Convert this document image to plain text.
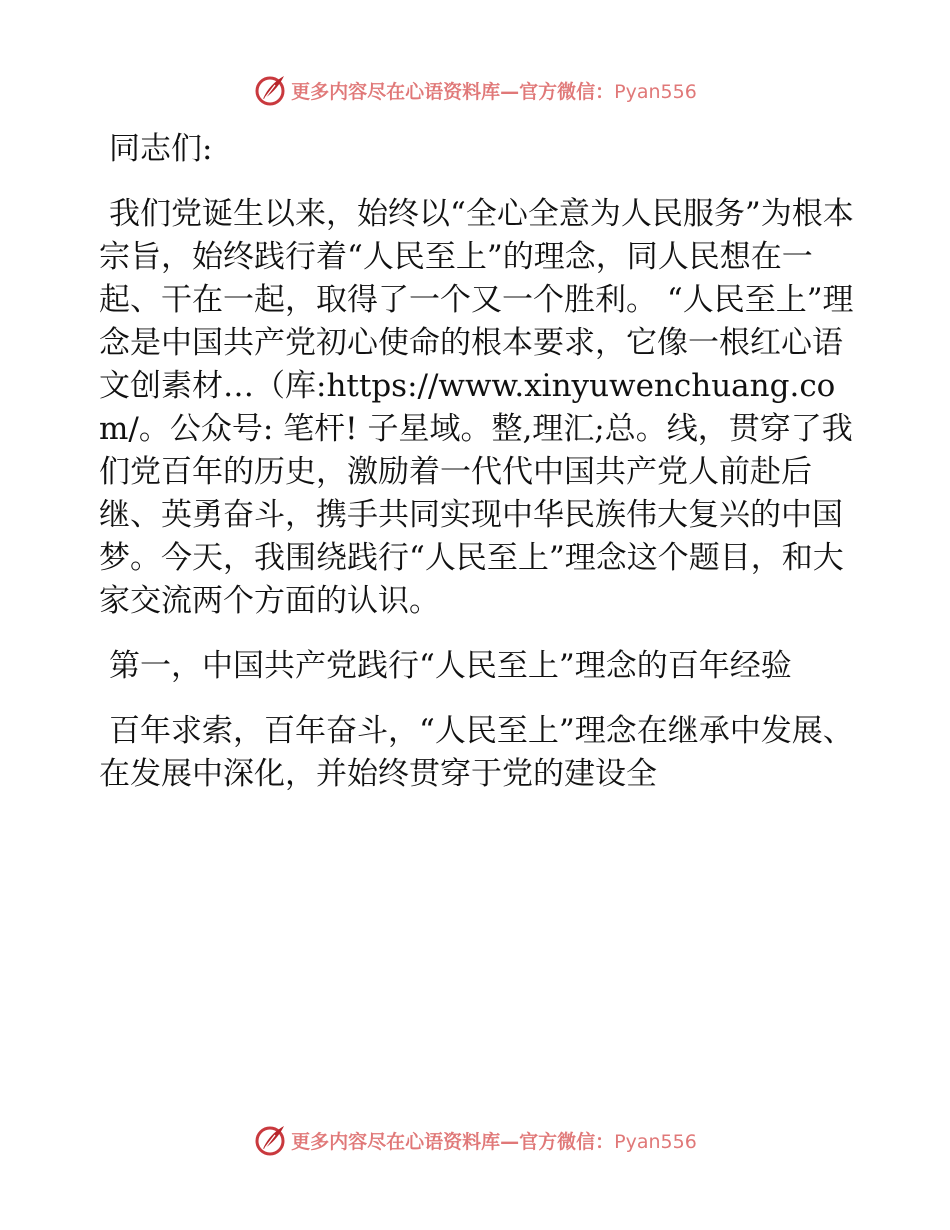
更多内容尽在心语资料库—官方微信：Pyan556

同志们:

我们党诞生以来，始终以“全心全意为人民服务”为根本宗旨，始终践行着“人民至上”的理念，同人民想在一起、干在一起，取得了一个又一个胜利。 “人民至上”理念是中国共产党初心使命的根本要求，它像一根红心语文创素材…（库:https://www.xinyuwenchuang.com/。公众号: 笔杆! 子星域。整,理汇;总。线，贯穿了我们党百年的历史，激励着一代代中国共产党人前赴后继、英勇奋斗，携手共同实现中华民族伟大复兴的中国梦。今天，我围绕践行“人民至上”理念这个题目，和大家交流两个方面的认识。

第一，中国共产党践行“人民至上”理念的百年经验

百年求索，百年奋斗，“人民至上”理念在继承中发展、在发展中深化，并始终贯穿于党的建设全

更多内容尽在心语资料库—官方微信：Pyan556
